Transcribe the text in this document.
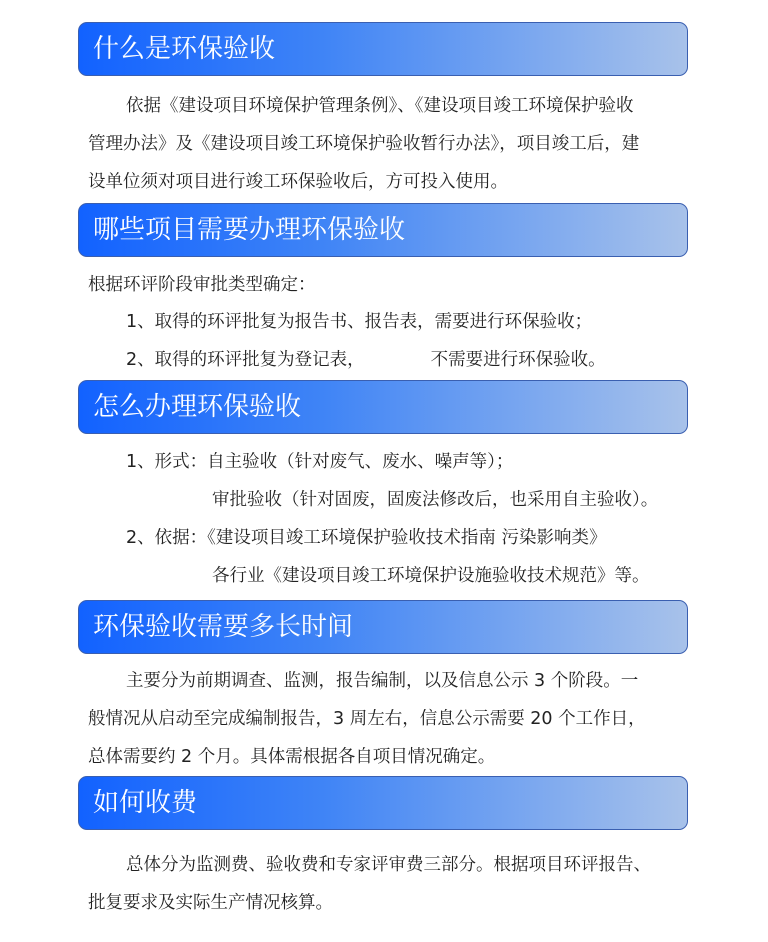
什么是环保验收
依据《建设项目环境保护管理条例》、《建设项目竣工环境保护验收
管理办法》及《建设项目竣工环境保护验收暂行办法》，项目竣工后，建
设单位须对项目进行竣工环保验收后，方可投入使用。
哪些项目需要办理环保验收
根据环评阶段审批类型确定：
1、取得的环评批复为报告书、报告表，需要进行环保验收；
2、取得的环评批复为登记表，	不需要进行环保验收。
怎么办理环保验收
1、形式：自主验收（针对废气、废水、噪声等）；
审批验收（针对固废，固废法修改后，也采用自主验收）。
2、依据：《建设项目竣工环境保护验收技术指南 污染影响类》
各行业《建设项目竣工环境保护设施验收技术规范》等。
环保验收需要多长时间
主要分为前期调查、监测，报告编制，以及信息公示 3 个阶段。一
般情况从启动至完成编制报告，3 周左右，信息公示需要 20 个工作日，
总体需要约 2 个月。具体需根据各自项目情况确定。
如何收费
总体分为监测费、验收费和专家评审费三部分。根据项目环评报告、
批复要求及实际生产情况核算。
